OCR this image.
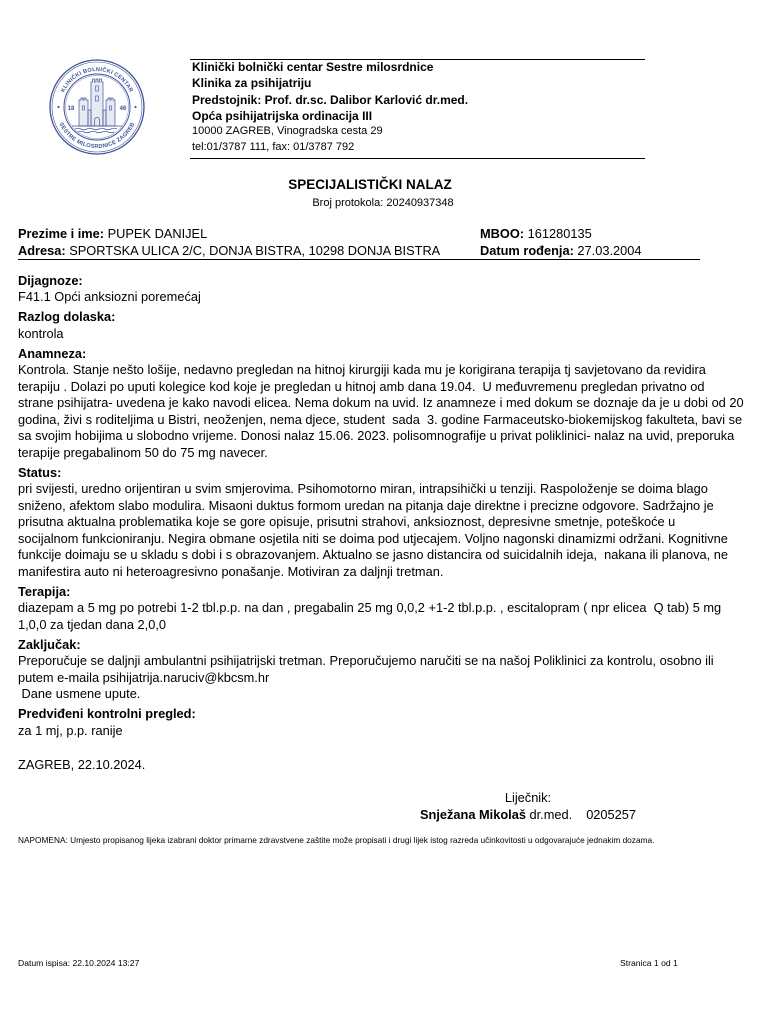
KLINIČKI BOLNIČKI CENTAR
SESTRE MILOSRDNICE ZAGREB
18	46
Klinički bolnički centar Sestre milosrdnice
Klinika za psihijatriju
Predstojnik: Prof. dr.sc. Dalibor Karlović dr.med.
Opća psihijatrijska ordinacija III
10000 ZAGREB, Vinogradska cesta 29
tel:01/3787 111, fax: 01/3787 792
SPECIJALISTIČKI NALAZ
Broj protokola: 20240937348
Prezime i ime: PUPEK DANIJEL
Adresa: SPORTSKA ULICA 2/C, DONJA BISTRA, 10298 DONJA BISTRA
MBOO: 161280135
Datum rođenja: 27.03.2004
Dijagnoze:
F41.1 Opći anksiozni poremećaj
Razlog dolaska:
kontrola
Anamneza:
Kontrola. Stanje nešto lošije, nedavno pregledan na hitnoj kirurgiji kada mu je korigirana terapija tj savjetovano da revidira
terapiju . Dolazi po uputi kolegice kod koje je pregledan u hitnoj amb dana 19.04.  U međuvremenu pregledan privatno od
strane psihijatra- uvedena je kako navodi elicea. Nema dokum na uvid. Iz anamneze i med dokum se doznaje da je u dobi od 20
godina, živi s roditeljima u Bistri, neoženjen, nema djece, student  sada  3. godine Farmaceutsko-biokemijskog fakulteta, bavi se
sa svojim hobijima u slobodno vrijeme. Donosi nalaz 15.06. 2023. polisomnografije u privat poliklinici- nalaz na uvid, preporuka
terapije pregabalinom 50 do 75 mg navecer.
Status:
pri svijesti, uredno orijentiran u svim smjerovima. Psihomotorno miran, intrapsihički u tenziji. Raspoloženje se doima blago
sniženo, afektom slabo modulira. Misaoni duktus formom uredan na pitanja daje direktne i precizne odgovore. Sadržajno je
prisutna aktualna problematika koje se gore opisuje, prisutni strahovi, anksioznost, depresivne smetnje, poteškoće u
socijalnom funkcioniranju. Negira obmane osjetila niti se doima pod utjecajem. Voljno nagonski dinamizmi održani. Kognitivne
funkcije doimaju se u skladu s dobi i s obrazovanjem. Aktualno se jasno distancira od suicidalnih ideja,  nakana ili planova, ne
manifestira auto ni heteroagresivno ponašanje. Motiviran za daljnji tretman.
Terapija:
diazepam a 5 mg po potrebi 1-2 tbl.p.p. na dan , pregabalin 25 mg 0,0,2 +1-2 tbl.p.p. , escitalopram ( npr elicea  Q tab) 5 mg
1,0,0 za tjedan dana 2,0,0
Zaključak:
Preporučuje se daljnji ambulantni psihijatrijski tretman. Preporučujemo naručiti se na našoj Poliklinici za kontrolu, osobno ili
putem e-maila psihijatrija.naruciv@kbcsm.hr
Dane usmene upute.
Predviđeni kontrolni pregled:
za 1 mj, p.p. ranije
ZAGREB, 22.10.2024.
Liječnik:
Snježana Mikolaš dr.med. 0205257
NAPOMENA: Umjesto propisanog lijeka izabrani doktor primarne zdravstvene zaštite može propisati i drugi lijek istog razreda učinkovitosti u odgovarajuće jednakim dozama.
Datum ispisa: 22.10.2024 13:27	Stranica 1 od 1
